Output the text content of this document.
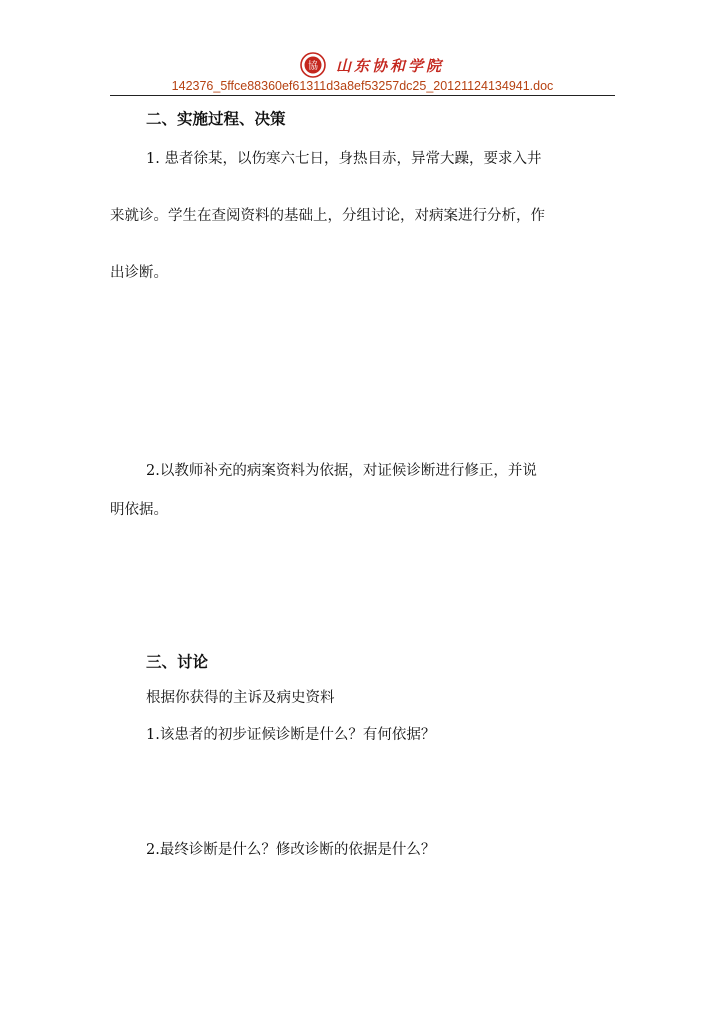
協 山东协和学院
142376_5ffce88360ef61311d3a8ef53257dc25_20121124134941.doc
二、实施过程、决策
1. 患者徐某，以伤寒六七日，身热目赤，异常大躁，要求入井
来就诊。学生在查阅资料的基础上，分组讨论，对病案进行分析，作
出诊断。
2.以教师补充的病案资料为依据，对证候诊断进行修正，并说
明依据。
三、讨论
根据你获得的主诉及病史资料
1.该患者的初步证候诊断是什么？有何依据？
2.最终诊断是什么？修改诊断的依据是什么？
